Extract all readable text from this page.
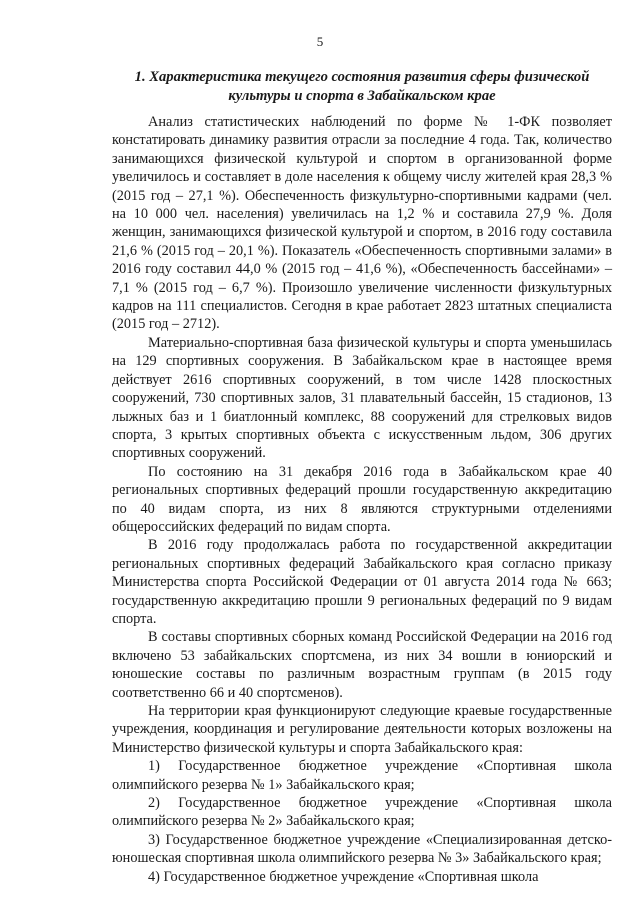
5
1. Характеристика текущего состояния развития сферы физической
культуры и спорта в Забайкальском крае

Анализ статистических наблюдений по форме № 1-ФК позволяет констатировать динамику развития отрасли за последние 4 года. Так, количество занимающихся физической культурой и спортом в организованной форме увеличилось и составляет в доле населения к общему числу жителей края 28,3 % (2015 год – 27,1 %). Обеспеченность физкультурно-спортивными кадрами (чел. на 10 000 чел. населения) увеличилась на 1,2 % и составила 27,9 %. Доля женщин, занимающихся физической культурой и спортом, в 2016 году составила 21,6 % (2015 год – 20,1 %). Показатель «Обеспеченность спортивными залами» в 2016 году составил 44,0 % (2015 год – 41,6 %), «Обеспеченность бассейнами» – 7,1 % (2015 год – 6,7 %). Произошло увеличение численности физкультурных кадров на 111 специалистов. Сегодня в крае работает 2823 штатных специалиста (2015 год – 2712).

Материально-спортивная база физической культуры и спорта уменьшилась на 129 спортивных сооружения. В Забайкальском крае в настоящее время действует 2616 спортивных сооружений, в том числе 1428 плоскостных сооружений, 730 спортивных залов, 31 плавательный бассейн, 15 стадионов, 13 лыжных баз и 1 биатлонный комплекс, 88 сооружений для стрелковых видов спорта, 3 крытых спортивных объекта с искусственным льдом, 306 других спортивных сооружений.

По состоянию на 31 декабря 2016 года в Забайкальском крае 40 региональных спортивных федераций прошли государственную аккредитацию по 40 видам спорта, из них 8 являются структурными отделениями общероссийских федераций по видам спорта.

В 2016 году продолжалась работа по государственной аккредитации региональных спортивных федераций Забайкальского края согласно приказу Министерства спорта Российской Федерации от 01 августа 2014 года № 663; государственную аккредитацию прошли 9 региональных федераций по 9 видам спорта.

В составы спортивных сборных команд Российской Федерации на 2016 год включено 53 забайкальских спортсмена, из них 34 вошли в юниорский и юношеские составы по различным возрастным группам (в 2015 году соответственно 66 и 40 спортсменов).

На территории края функционируют следующие краевые государственные учреждения, координация и регулирование деятельности которых возложены на Министерство физической культуры и спорта Забайкальского края:

1) Государственное бюджетное учреждение «Спортивная школа олимпийского резерва № 1» Забайкальского края;

2) Государственное бюджетное учреждение «Спортивная школа олимпийского резерва № 2» Забайкальского края;

3) Государственное бюджетное учреждение «Специализированная детско-юношеская спортивная школа олимпийского резерва № 3» Забайкальского края;

4) Государственное бюджетное учреждение «Спортивная школа
